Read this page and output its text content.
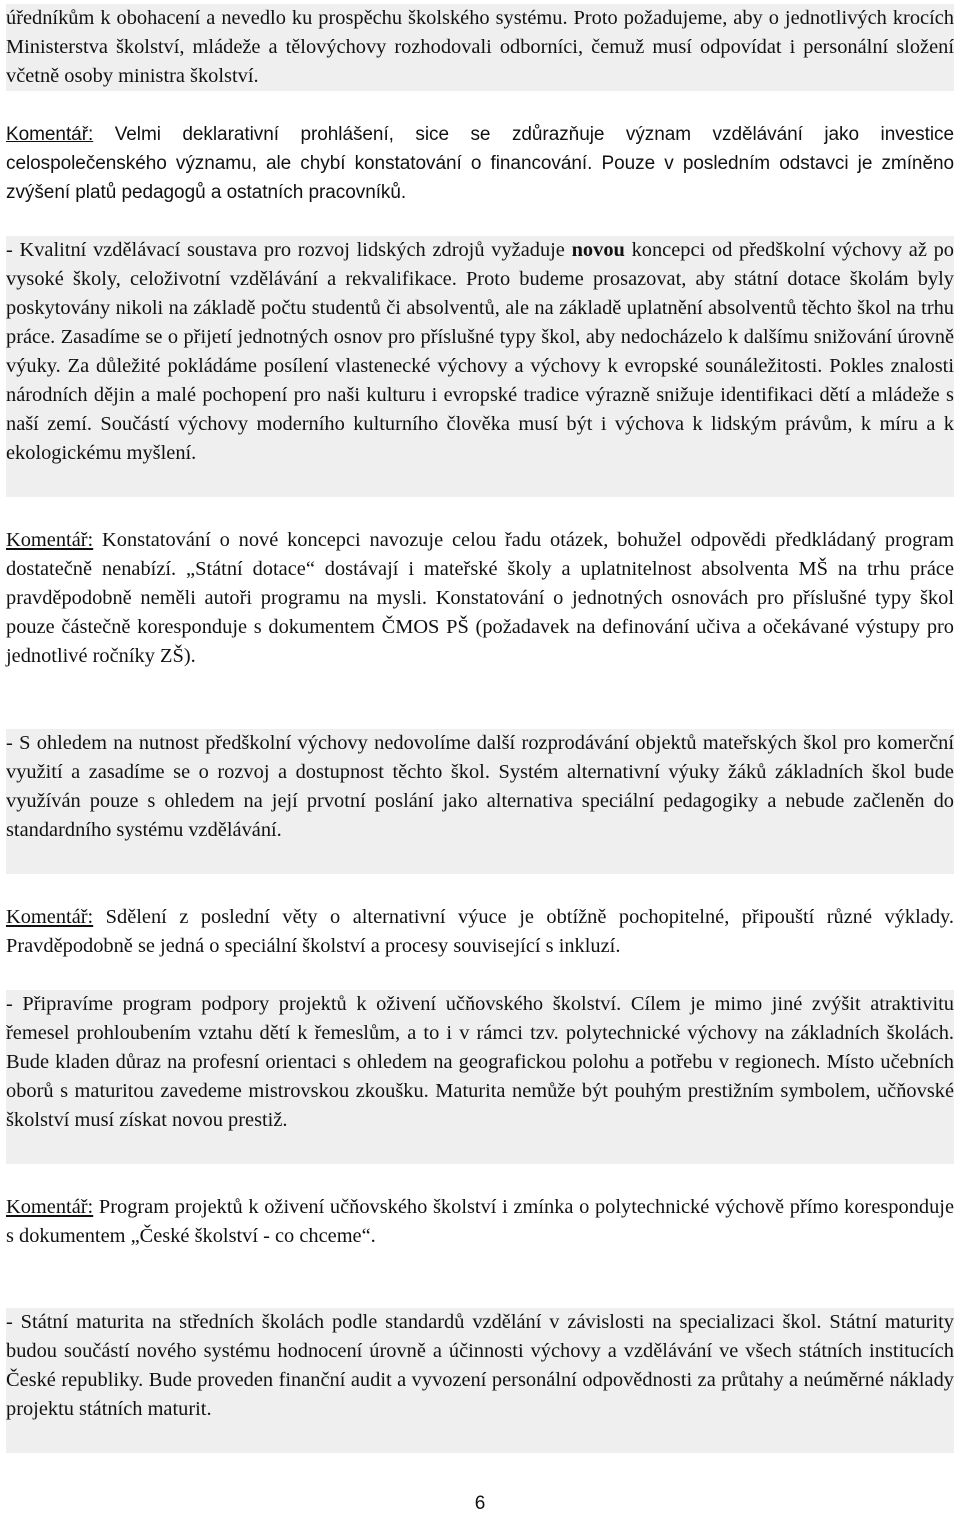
úředníkům k obohacení a nevedlo ku prospěchu školského systému. Proto požadujeme, aby o jednotlivých krocích Ministerstva školství, mládeže a tělovýchovy rozhodovali odborníci, čemuž musí odpovídat i personální složení včetně osoby ministra školství.

Komentář: Velmi deklarativní prohlášení, sice se zdůrazňuje význam vzdělávání jako investice celospolečenského významu, ale chybí konstatování o financování. Pouze v posledním odstavci je zmíněno zvýšení platů pedagogů a ostatních pracovníků.

- Kvalitní vzdělávací soustava pro rozvoj lidských zdrojů vyžaduje novou koncepci od předškolní výchovy až po vysoké školy, celoživotní vzdělávání a rekvalifikace. Proto budeme prosazovat, aby státní dotace školám byly poskytovány nikoli na základě počtu studentů či absolventů, ale na základě uplatnění absolventů těchto škol na trhu práce. Zasadíme se o přijetí jednotných osnov pro příslušné typy škol, aby nedocházelo k dalšímu snižování úrovně výuky. Za důležité pokládáme posílení vlastenecké výchovy a výchovy k evropské sounáležitosti. Pokles znalosti národních dějin a malé pochopení pro naši kulturu i evropské tradice výrazně snižuje identifikaci dětí a mládeže s naší zemí. Součástí výchovy moderního kulturního člověka musí být i výchova k lidským právům, k míru a k ekologickému myšlení.

Komentář: Konstatování o nové koncepci navozuje celou řadu otázek, bohužel odpovědi předkládaný program dostatečně nenabízí. „Státní dotace“ dostávají i mateřské školy a uplatnitelnost absolventa MŠ na trhu práce pravděpodobně neměli autoři programu na mysli. Konstatování o jednotných osnovách pro příslušné typy škol pouze částečně koresponduje s dokumentem ČMOS PŠ (požadavek na definování učiva a očekávané výstupy pro jednotlivé ročníky ZŠ).

- S ohledem na nutnost předškolní výchovy nedovolíme další rozprodávání objektů mateřských škol pro komerční využití a zasadíme se o rozvoj a dostupnost těchto škol. Systém alternativní výuky žáků základních škol bude využíván pouze s ohledem na její prvotní poslání jako alternativa speciální pedagogiky a nebude začleněn do standardního systému vzdělávání.

Komentář: Sdělení z poslední věty o alternativní výuce je obtížně pochopitelné, připouští různé výklady. Pravděpodobně se jedná o speciální školství a procesy související s inkluzí.

- Připravíme program podpory projektů k oživení učňovského školství. Cílem je mimo jiné zvýšit atraktivitu řemesel prohloubením vztahu dětí k řemeslům, a to i v rámci tzv. polytechnické výchovy na základních školách. Bude kladen důraz na profesní orientaci s ohledem na geografickou polohu a potřebu v regionech. Místo učebních oborů s maturitou zavedeme mistrovskou zkoušku. Maturita nemůže být pouhým prestižním symbolem, učňovské školství musí získat novou prestiž.

Komentář: Program projektů k oživení učňovského školství i zmínka o polytechnické výchově přímo koresponduje s dokumentem „České školství - co chceme“.

- Státní maturita na středních školách podle standardů vzdělání v závislosti na specializaci škol. Státní maturity budou součástí nového systému hodnocení úrovně a účinnosti výchovy a vzdělávání ve všech státních institucích České republiky. Bude proveden finanční audit a vyvození personální odpovědnosti za průtahy a neúměrné náklady projektu státních maturit.

6
